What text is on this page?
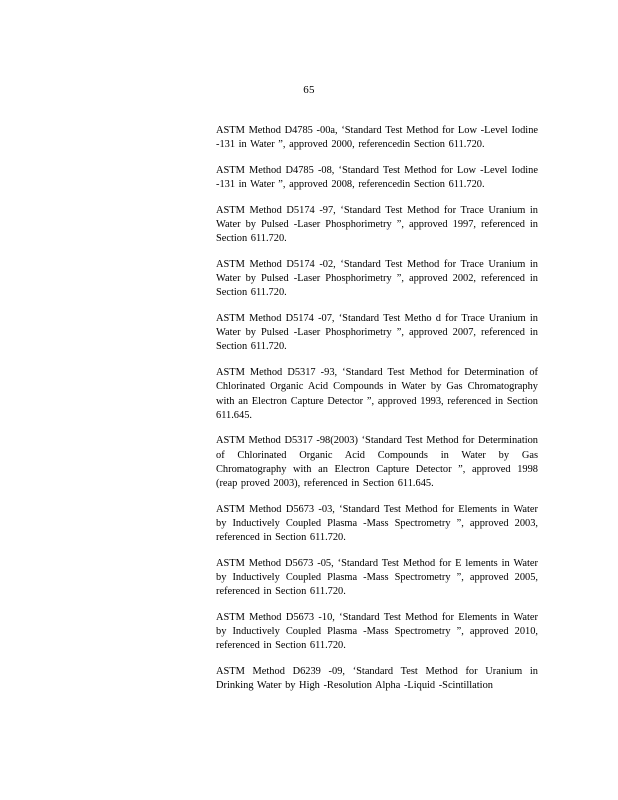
65

ASTM Method D4785 -00a, ‘Standard Test Method for Low -Level Iodine -131 in Water ”, approved 2000, referencedin Section 611.720.

ASTM Method D4785 -08, ‘Standard Test Method for Low -Level Iodine -131 in Water ”, approved 2008, referencedin Section 611.720.

ASTM Method D5174 -97, ‘Standard Test Method for Trace Uranium in Water by Pulsed -Laser Phosphorimetry ”, approved 1997, referenced in Section 611.720.

ASTM Method D5174 -02, ‘Standard Test Method for Trace Uranium in Water by Pulsed -Laser Phosphorimetry ”, approved 2002, referenced in Section 611.720.

ASTM Method D5174 -07, ‘Standard Test Metho d for Trace Uranium in Water by Pulsed -Laser Phosphorimetry ”, approved 2007, referenced in Section 611.720.

ASTM Method D5317 -93, ‘Standard Test Method for Determination of Chlorinated Organic Acid Compounds in Water by Gas Chromatography with an Electron Capture Detector ”, approved 1993, referenced in Section 611.645.

ASTM Method D5317 -98(2003) ‘Standard Test Method for Determination of Chlorinated Organic Acid Compounds in Water by Gas Chromatography with an Electron Capture Detector ”, approved 1998 (reap proved 2003), referenced in Section 611.645.

ASTM Method D5673 -03, ‘Standard Test Method for Elements in Water by Inductively Coupled Plasma -Mass Spectrometry ”, approved 2003, referenced in Section 611.720.

ASTM Method D5673 -05, ‘Standard Test Method for E lements in Water by Inductively Coupled Plasma -Mass Spectrometry ”, approved 2005, referenced in Section 611.720.

ASTM Method D5673 -10, ‘Standard Test Method for Elements in Water by Inductively Coupled Plasma -Mass Spectrometry ”, approved 2010, referenced in Section 611.720.

ASTM Method D6239 -09, ‘Standard Test Method for Uranium in Drinking Water by High -Resolution Alpha -Liquid -Scintillation
